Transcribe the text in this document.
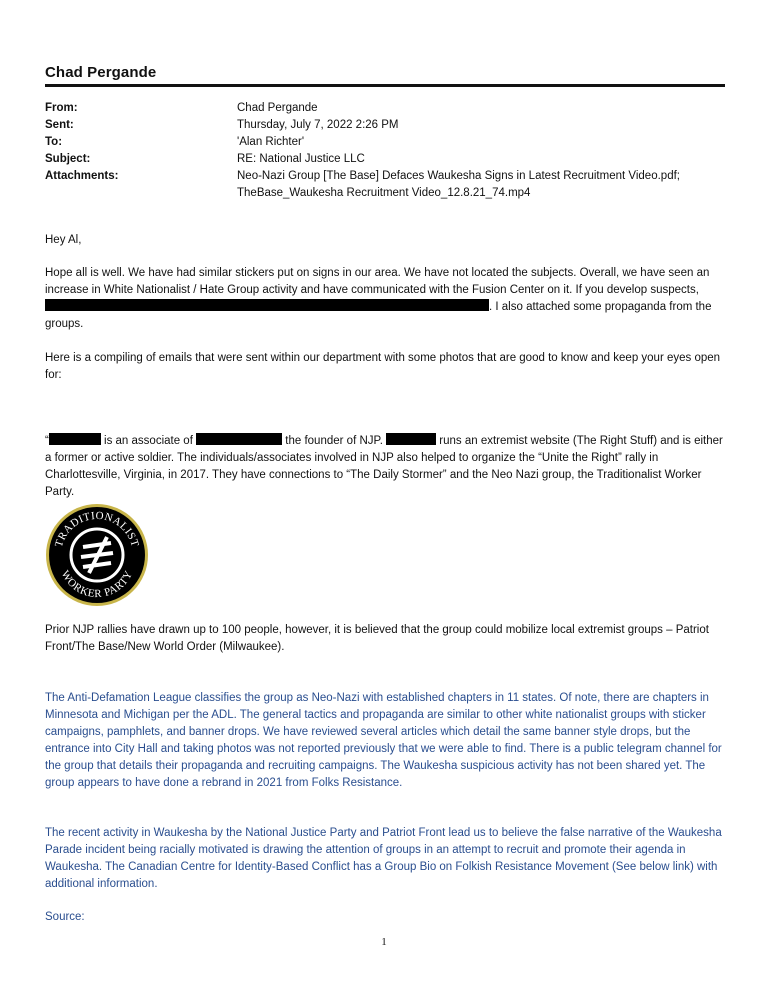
Chad Pergande
From:	Chad Pergande
Sent:	Thursday, July 7, 2022 2:26 PM
To:	'Alan Richter'
Subject:	RE: National Justice LLC
Attachments:	Neo-Nazi Group [The Base] Defaces Waukesha Signs in Latest Recruitment Video.pdf;
TheBase_Waukesha Recruitment Video_12.8.21_74.mp4
Hey Al,
Hope all is well. We have had similar stickers put on signs in our area. We have not located the subjects. Overall, we have seen an increase in White Nationalist / Hate Group activity and have communicated with the Fusion Center on it. If you develop suspects, . I also attached some propaganda from the groups.
Here is a compiling of emails that were sent within our department with some photos that are good to know and keep your eyes open for:
“	is an associate of	the founder of NJP.	runs an extremist website (The Right Stuff) and is either a former or active soldier. The individuals/associates involved in NJP also helped to organize the “Unite the Right” rally in Charlottesville, Virginia, in 2017. They have connections to “The Daily Stormer” and the Neo Nazi group, the Traditionalist Worker Party.
TRADITIONALIST
WORKER PARTY
Prior NJP rallies have drawn up to 100 people, however, it is believed that the group could mobilize local extremist groups – Patriot Front/The Base/New World Order (Milwaukee).
The Anti-Defamation League classifies the group as Neo-Nazi with established chapters in 11 states. Of note, there are chapters in Minnesota and Michigan per the ADL. The general tactics and propaganda are similar to other white nationalist groups with sticker campaigns, pamphlets, and banner drops. We have reviewed several articles which detail the same banner style drops, but the entrance into City Hall and taking photos was not reported previously that we were able to find. There is a public telegram channel for the group that details their propaganda and recruiting campaigns. The Waukesha suspicious activity has not been shared yet. The group appears to have done a rebrand in 2021 from Folks Resistance.
The recent activity in Waukesha by the National Justice Party and Patriot Front lead us to believe the false narrative of the Waukesha Parade incident being racially motivated is drawing the attention of groups in an attempt to recruit and promote their agenda in Waukesha. The Canadian Centre for Identity-Based Conflict has a Group Bio on Folkish Resistance Movement (See below link) with additional information.
Source:
1
